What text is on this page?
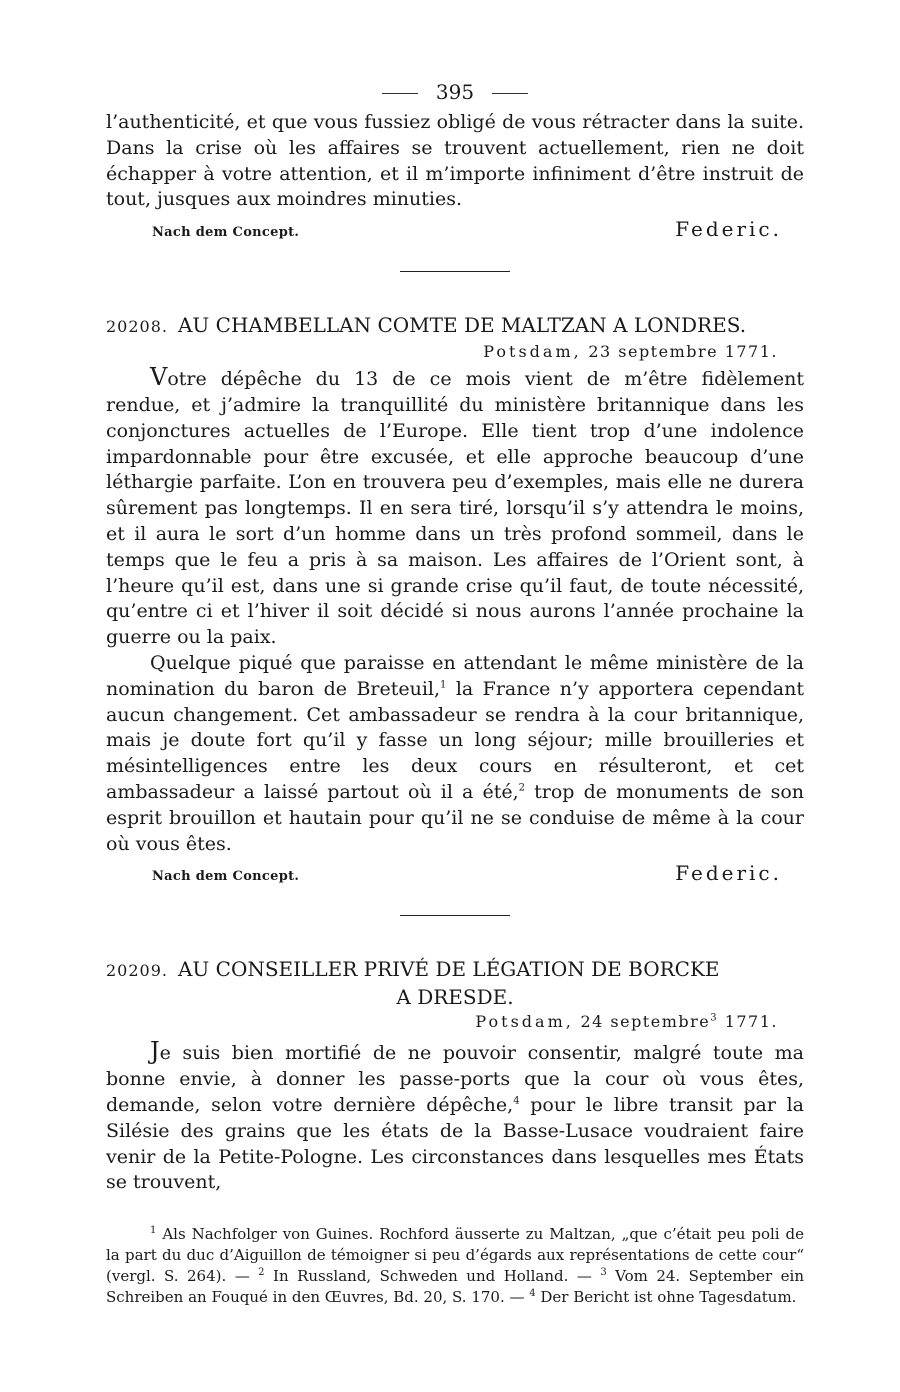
395

l’authenticité, et que vous fussiez obligé de vous rétracter dans la suite. Dans la crise où les affaires se trouvent actuellement, rien ne doit échapper à votre attention, et il m’importe infiniment d’être instruit de tout, jusques aux moindres minuties.

Nach dem Concept.	Federic.
20208. AU CHAMBELLAN COMTE DE MALTZAN A LONDRES.
Potsdam, 23 septembre 1771.

Votre dépêche du 13 de ce mois vient de m’être fidèlement rendue, et j’admire la tranquillité du ministère britannique dans les conjonctures actuelles de l’Europe. Elle tient trop d’une indolence impardonnable pour être excusée, et elle approche beaucoup d’une léthargie parfaite. L’on en trouvera peu d’exemples, mais elle ne durera sûrement pas longtemps. Il en sera tiré, lorsqu’il s’y attendra le moins, et il aura le sort d’un homme dans un très profond sommeil, dans le temps que le feu a pris à sa maison. Les affaires de l’Orient sont, à l’heure qu’il est, dans une si grande crise qu’il faut, de toute nécessité, qu’entre ci et l’hiver il soit décidé si nous aurons l’année prochaine la guerre ou la paix.

Quelque piqué que paraisse en attendant le même ministère de la nomination du baron de Breteuil,$^1$ la France n’y apportera cependant aucun changement. Cet ambassadeur se rendra à la cour britannique, mais je doute fort qu’il y fasse un long séjour; mille brouilleries et mésintelligences entre les deux cours en résulteront, et cet ambassadeur a laissé partout où il a été,$^2$ trop de monuments de son esprit brouillon et hautain pour qu’il ne se conduise de même à la cour où vous êtes.

Nach dem Concept.	Federic.
20209. AU CONSEILLER PRIVÉ DE LÉGATION DE BORCKE
A DRESDE.
Potsdam, 24 septembre$^3$ 1771.

Je suis bien mortifié de ne pouvoir consentir, malgré toute ma bonne envie, à donner les passe-ports que la cour où vous êtes, demande, selon votre dernière dépêche,$^4$ pour le libre transit par la Silésie des grains que les états de la Basse-Lusace voudraient faire venir de la Petite-Pologne. Les circonstances dans lesquelles mes États se trouvent,

$^1$ Als Nachfolger von Guines. Rochford äusserte zu Maltzan, „que c’était peu poli de la part du duc d’Aiguillon de témoigner si peu d’égards aux représentations de cette cour“ (vergl. S. 264). — $^2$ In Russland, Schweden und Holland. — $^3$ Vom 24. September ein Schreiben an Fouqué in den Œuvres, Bd. 20, S. 170. — $^4$ Der Bericht ist ohne Tagesdatum.
